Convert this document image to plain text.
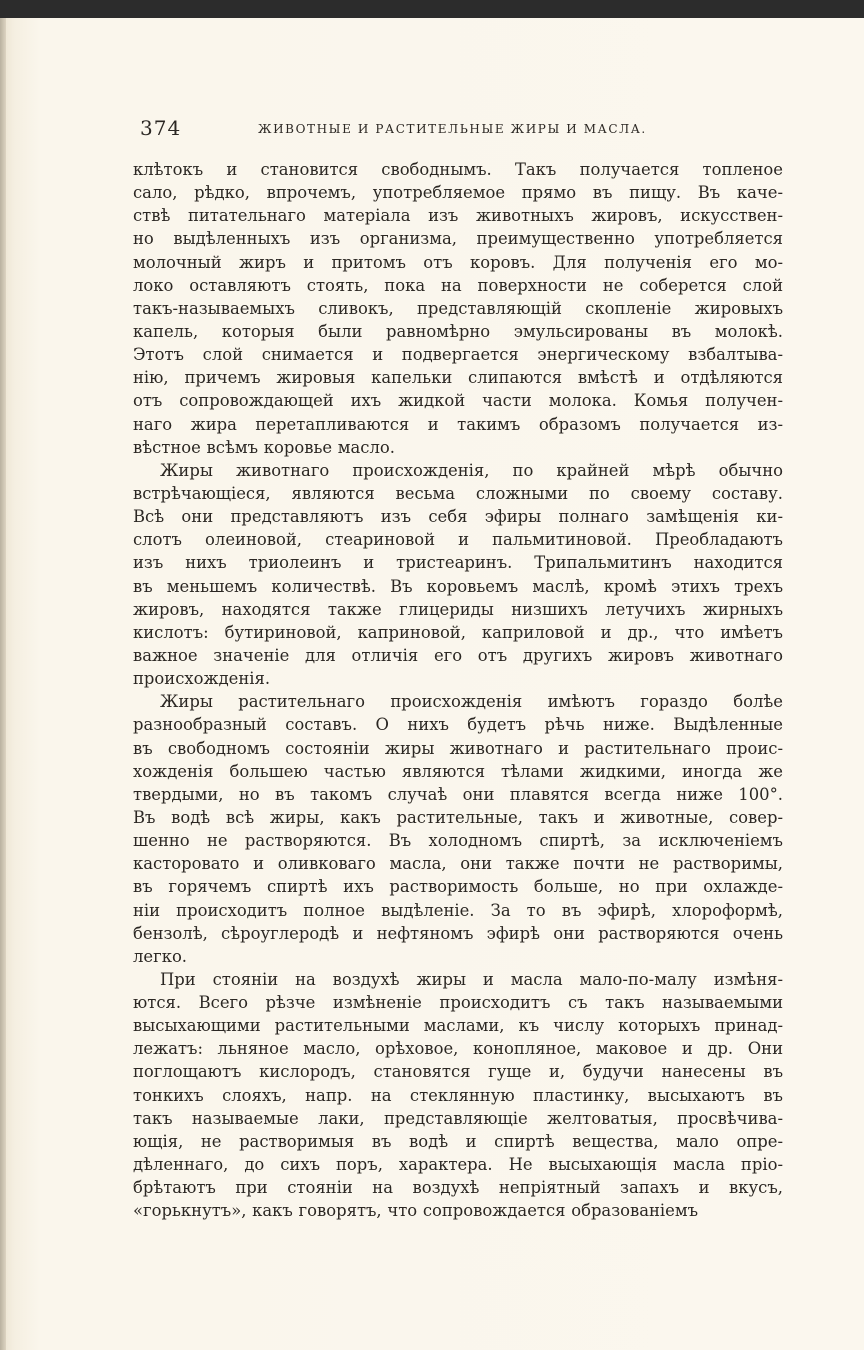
374	ЖИВОТНЫЕ И РАСТИТЕЛЬНЫЕ ЖИРЫ И МАСЛА.
клѣтокъ и становится свободнымъ. Такъ получается топленое
сало, рѣдко, впрочемъ, употребляемое прямо въ пищу. Въ каче-
ствѣ питательнаго матеріала изъ животныхъ жировъ, искусствен-
но выдѣленныхъ изъ организма, преимущественно употребляется
молочный жиръ и притомъ отъ коровъ. Для полученія его мо-
локо оставляютъ стоять, пока на поверхности не соберется слой
такъ-называемыхъ сливокъ, представляющій скопленіе жировыхъ
капель, которыя были равномѣрно эмульсированы въ молокѣ.
Этотъ слой снимается и подвергается энергическому взбалтыва-
нію, причемъ жировыя капельки слипаются вмѣстѣ и отдѣляются
отъ сопровождающей ихъ жидкой части молока. Комья получен-
наго жира перетапливаются и такимъ образомъ получается из-
вѣстное всѣмъ коровье масло.
Жиры животнаго происхожденія, по крайней мѣрѣ обычно
встрѣчающіеся, являются весьма сложными по своему составу.
Всѣ они представляютъ изъ себя эфиры полнаго замѣщенія ки-
слотъ олеиновой, стеариновой и пальмитиновой. Преобладаютъ
изъ нихъ триолеинъ и тристеаринъ. Трипальмитинъ находится
въ меньшемъ количествѣ. Въ коровьемъ маслѣ, кромѣ этихъ трехъ
жировъ, находятся также глицериды низшихъ летучихъ жирныхъ
кислотъ: бутириновой, каприновой, каприловой и др., что имѣетъ
важное значеніе для отличія его отъ другихъ жировъ животнаго
происхожденія.
Жиры растительнаго происхожденія имѣютъ гораздо болѣе
разнообразный составъ. О нихъ будетъ рѣчь ниже. Выдѣленные
въ свободномъ состояніи жиры животнаго и растительнаго проис-
хожденія большею частью являются тѣлами жидкими, иногда же
твердыми, но въ такомъ случаѣ они плавятся всегда ниже 100°.
Въ водѣ всѣ жиры, какъ растительные, такъ и животные, совер-
шенно не растворяются. Въ холодномъ спиртѣ, за исключеніемъ
касторовато и оливковаго масла, они также почти не растворимы,
въ горячемъ спиртѣ ихъ растворимость больше, но при охлажде-
ніи происходитъ полное выдѣленіе. За то въ эфирѣ, хлороформѣ,
бензолѣ, сѣроуглеродѣ и нефтяномъ эфирѣ они растворяются очень
легко.
При стояніи на воздухѣ жиры и масла мало-по-малу измѣня-
ются. Всего рѣзче измѣненіе происходитъ съ такъ называемыми
высыхающими растительными маслами, къ числу которыхъ принад-
лежатъ: льняное масло, орѣховое, конопляное, маковое и др. Они
поглощаютъ кислородъ, становятся гуще и, будучи нанесены въ
тонкихъ слояхъ, напр. на стеклянную пластинку, высыхаютъ въ
такъ называемые лаки, представляющіе желтоватыя, просвѣчива-
ющія, не растворимыя въ водѣ и спиртѣ вещества, мало опре-
дѣленнаго, до сихъ поръ, характера. Не высыхающія масла пріо-
брѣтаютъ при стояніи на воздухѣ непріятный запахъ и вкусъ,
«горькнутъ», какъ говорятъ, что сопровождается образованіемъ
